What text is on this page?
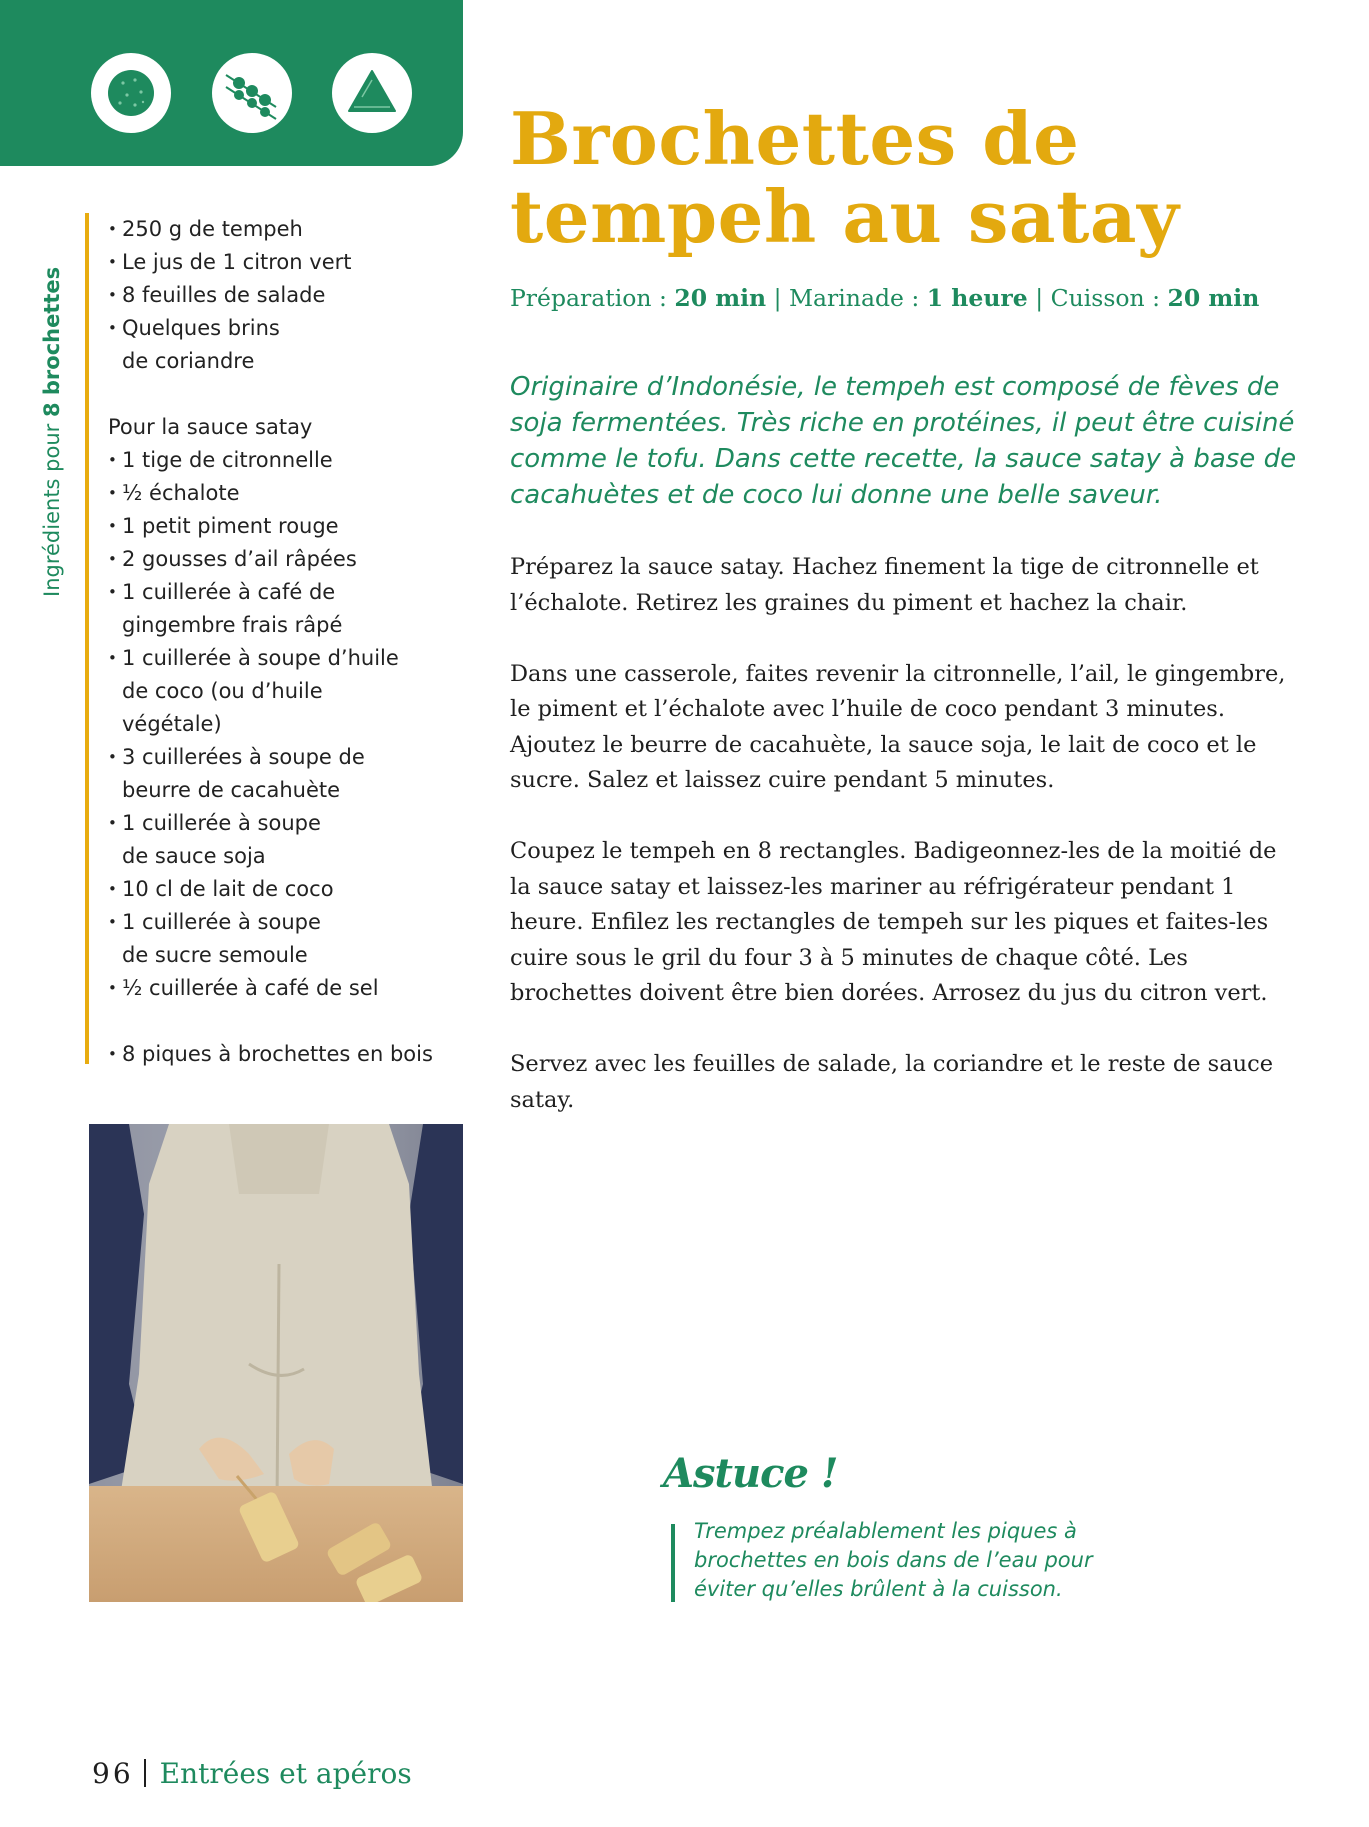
Ingrédients pour 8 brochettes
• 250 g de tempeh
• Le jus de 1 citron vert
• 8 feuilles de salade
• Quelques brins de coriandre
Pour la sauce satay
• 1 tige de citronnelle
• ½ échalote
• 1 petit piment rouge
• 2 gousses d’ail râpées
• 1 cuillerée à café de gingembre frais râpé
• 1 cuillerée à soupe d’huile de coco (ou d’huile végétale)
• 3 cuillerées à soupe de beurre de cacahuète
• 1 cuillerée à soupe de sauce soja
• 10 cl de lait de coco
• 1 cuillerée à soupe de sucre semoule
• ½ cuillerée à café de sel
• 8 piques à brochettes en bois
Brochettes de
tempeh au satay
Préparation : 20 min | Marinade : 1 heure | Cuisson : 20 min

Originaire d’Indonésie, le tempeh est composé de fèves de soja fermentées. Très riche en protéines, il peut être cuisiné comme le tofu. Dans cette recette, la sauce satay à base de cacahuètes et de coco lui donne une belle saveur.

Préparez la sauce satay. Hachez finement la tige de citronnelle et l’échalote. Retirez les graines du piment et hachez la chair.

Dans une casserole, faites revenir la citronnelle, l’ail, le gingembre, le piment et l’échalote avec l’huile de coco pendant 3 minutes. Ajoutez le beurre de cacahuète, la sauce soja, le lait de coco et le sucre. Salez et laissez cuire pendant 5 minutes.

Coupez le tempeh en 8 rectangles. Badigeonnez-les de la moitié de la sauce satay et laissez-les mariner au réfrigérateur pendant 1 heure. Enfilez les rectangles de tempeh sur les piques et faites-les cuire sous le gril du four 3 à 5 minutes de chaque côté. Les brochettes doivent être bien dorées. Arrosez du jus du citron vert.

Servez avec les feuilles de salade, la coriandre et le reste de sauce satay.

Astuce !

Trempez préalablement les piques à brochettes en bois dans de l’eau pour éviter qu’elles brûlent à la cuisson.

96 Entrées et apéros
